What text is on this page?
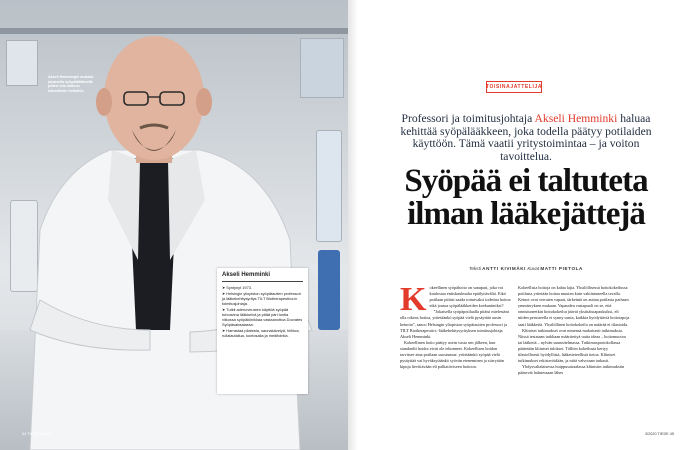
Akseli Hemmingin mukaisi jokaisella syöpälääkkeellä pitäisi olla vaikeus kokeellisiin hoitoihin.
Akseli Hemminki
➤Syntynyt 1973.
➤Helsingin yliopiston syöpätautien professori ja lääkekehitysyritys TILT Biotherapeutics:in toimitusjohtaja.
➤Tutkii adenovirusten käyttöä syöpää tuhoavina lääkkeinä ja pitää pari tuntia viikossa syöpäklinikkaa vastaanottoa Docrates Syöpäsairaalassa.
➤Harrastaa pilatesta, saunakävelyä, hiihtoa, rullalautailua, kuntosalia ja meditointia.
44 TIEDE 3/2020
TOISINAJATTELIJA
Professori ja toimitusjohtaja Akseli Hemminki haluaa kehittää syöpälääkkeen, joka todella päätyy potilaiden käyttöön. Tämä vaatii yritystoimintaa – ja voiton tavoittelua.
Syöpää ei taltuteta ilman lääkejättejä
Teksti ANTTI KIVIMÄKI Kuvat MATTI PIETOLA
K okeellinen syöpähoito on sanapari, joka voi kuulostaa entiskuulmalta epäilyttävältä. Eikö potilaan pitäisi saada toimivaksi todettua hoitoa eikä joutua syöpälääkkeiden koekaniiniksi?

”Jokaisella syöpäpotilaalla pitäisi mielestäni olla oikeus hoitoa, yritetäänkö syöpää vielä pysäyttää uusin keinoin”, sanoo Helsingin yliopiston syöpätautien professori ja TILT Biotherapeutics -lääkekehitysyrityksen toimitusjohtaja Akseli Hemminki.

Kokeellinen hoito päätyy usein vasta sen jälkeen, kun standardit hoidot eivät ole tehonneet. Kokeellisen hoidon tarvitsee aina potilaan suostumus: yritetäänkö syöpää vielä pysäyttää vai hyväksytäänkö syövän eteneminen ja siirrytään kipuja lievittävään eli palliatiiviseen hoitoon.

Kokeellisia hoitoja on kahta lajia. Yksilöllisessä hoitokokeilussa potilasta yritetään hoitaa muuten kuin vakiintuneella tavalla. Keinot ovat verraten vapaat, tärkeintä on auttaa potilasta parhaan ymmärryksen mukaan. Vapauden vastapuoli on se, että onnistuneetkin hoitokokeilut jäävät yksittäistapauksiksi, eli niiden perusteella ei synny uusia, kaikkia hyödyttäviä hoitotapoja saati lääkkeitä. Yksilöllinen hoitokokeilu on määrää ei tilastoida.

Kliiniset tutkimukset ovat nimensä mukaisesti tutkimuksia. Niissä testataan tarkkaan määritettyä uutta ideaa – hoitomuotoa tai lääkettä – nylvän suunnitelmassa. Tutkimusprotokollassa päätetään kliiniset tulokset. Tällöin kokeilusta kertyy tilastollisesti hyödyllistä, lääketieteellistä tietoa. Kliiniset tutkimukset rekisteröidään, ja niitä valvotaan tarkasti.

Yhdysvaltalaisessa huippusairaalassa kliinisiin tutkimuksiin pääsevät halutessaan lähes

3/2020 TIEDE 45
